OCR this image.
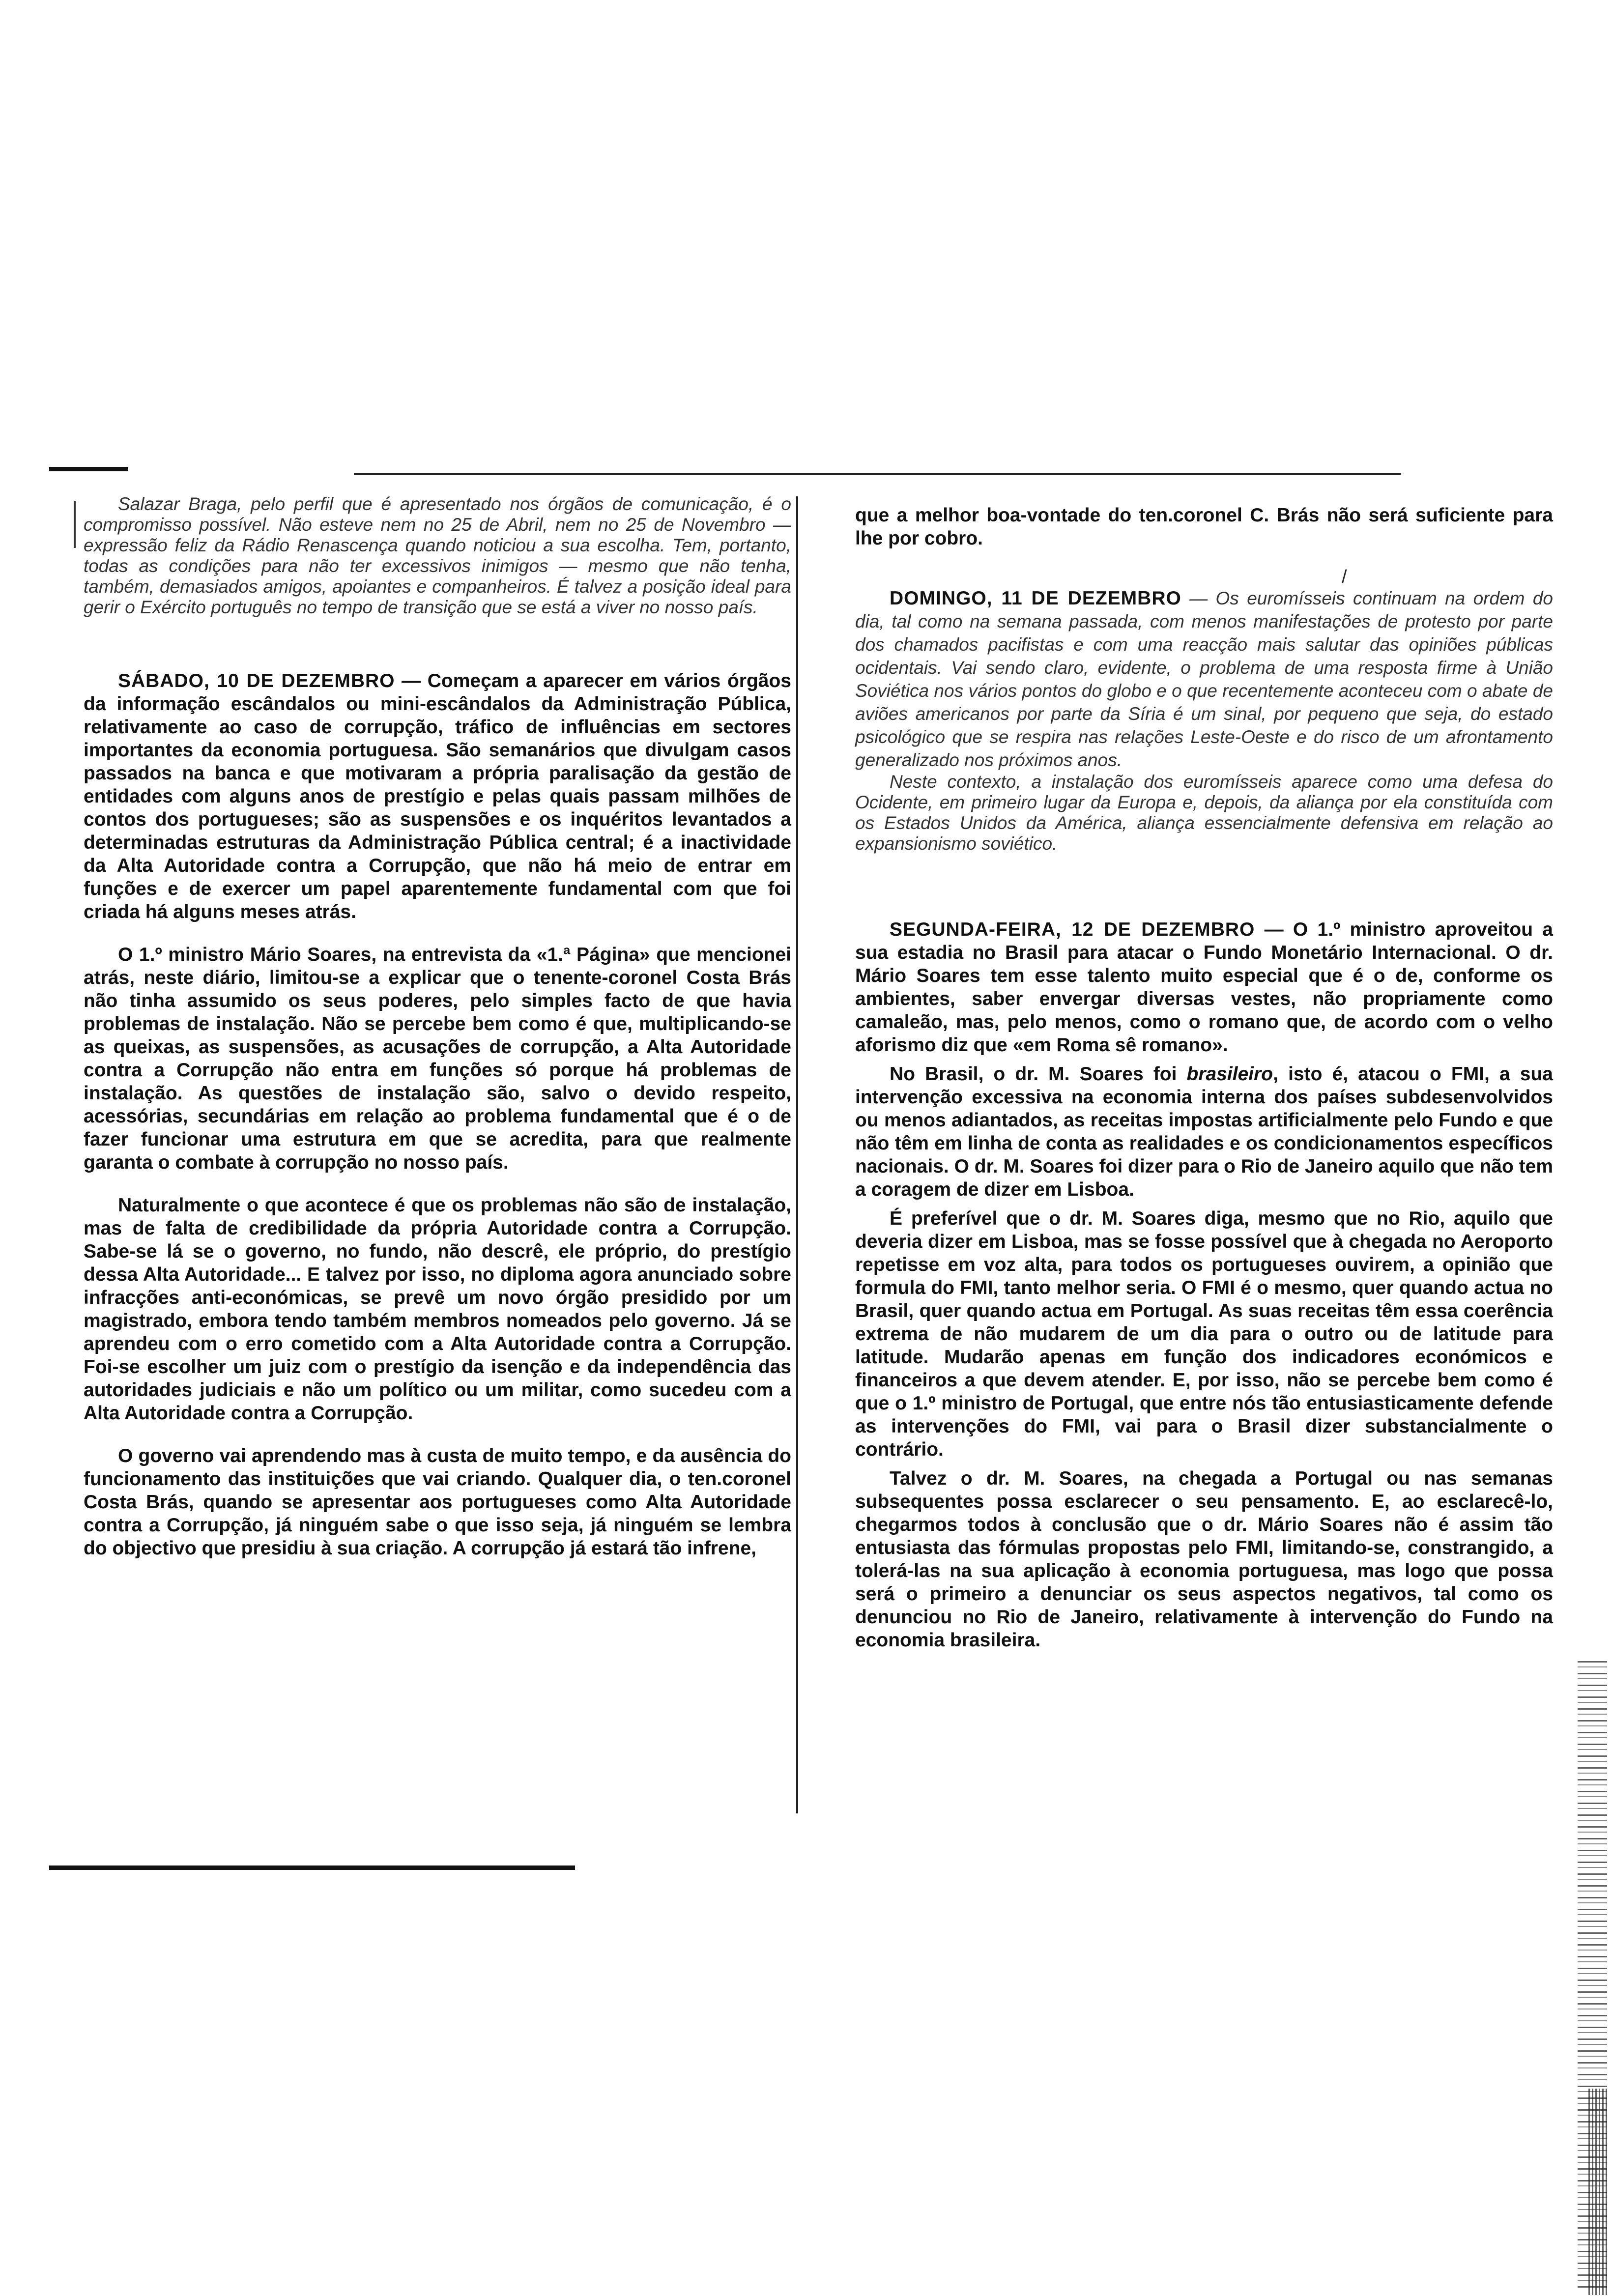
/

Salazar Braga, pelo perfil que é apresentado nos órgãos de comunicação, é o compromisso possível. Não esteve nem no 25 de Abril, nem no 25 de Novembro — expressão feliz da Rádio Renascença quando noticiou a sua escolha. Tem, portanto, todas as condições para não ter excessivos inimigos — mesmo que não tenha, também, demasiados amigos, apoiantes e companheiros. É talvez a posição ideal para gerir o Exército português no tempo de transição que se está a viver no nosso país.

SÁBADO, 10 DE DEZEMBRO — Começam a aparecer em vários órgãos da informação escândalos ou mini-escândalos da Administração Pública, relativamente ao caso de corrupção, tráfico de influências em sectores importantes da economia portuguesa. São semanários que divulgam casos passados na banca e que motivaram a própria paralisação da gestão de entidades com alguns anos de prestígio e pelas quais passam milhões de contos dos portugueses; são as suspensões e os inquéritos levantados a determinadas estruturas da Administração Pública central; é a inactividade da Alta Autoridade contra a Corrupção, que não há meio de entrar em funções e de exercer um papel aparentemente fundamental com que foi criada há alguns meses atrás.

O 1.º ministro Mário Soares, na entrevista da «1.ª Página» que mencionei atrás, neste diário, limitou-se a explicar que o tenente-coronel Costa Brás não tinha assumido os seus poderes, pelo simples facto de que havia problemas de instalação. Não se percebe bem como é que, multiplicando-se as queixas, as suspensões, as acusações de corrupção, a Alta Autoridade contra a Corrupção não entra em funções só porque há problemas de instalação. As questões de instalação são, salvo o devido respeito, acessórias, secundárias em relação ao problema fundamental que é o de fazer funcionar uma estrutura em que se acredita, para que realmente garanta o combate à corrupção no nosso país.

Naturalmente o que acontece é que os problemas não são de instalação, mas de falta de credibilidade da própria Autoridade contra a Corrupção. Sabe-se lá se o governo, no fundo, não descrê, ele próprio, do prestígio dessa Alta Autoridade... E talvez por isso, no diploma agora anunciado sobre infracções anti-económicas, se prevê um novo órgão presidido por um magistrado, embora tendo também membros nomeados pelo governo. Já se aprendeu com o erro cometido com a Alta Autoridade contra a Corrupção. Foi-se escolher um juiz com o prestígio da isenção e da independência das autoridades judiciais e não um político ou um militar, como sucedeu com a Alta Autoridade contra a Corrupção.

O governo vai aprendendo mas à custa de muito tempo, e da ausência do funcionamento das instituições que vai criando. Qualquer dia, o ten.coronel Costa Brás, quando se apresentar aos portugueses como Alta Autoridade contra a Corrupção, já ninguém sabe o que isso seja, já ninguém se lembra do objectivo que presidiu à sua criação. A corrupção já estará tão infrene,

que a melhor boa-vontade do ten.coronel C. Brás não será suficiente para lhe por cobro.

DOMINGO, 11 DE DEZEMBRO — Os euromísseis continuam na ordem do dia, tal como na semana passada, com menos manifestações de protesto por parte dos chamados pacifistas e com uma reacção mais salutar das opiniões públicas ocidentais. Vai sendo claro, evidente, o problema de uma resposta firme à União Soviética nos vários pontos do globo e o que recentemente aconteceu com o abate de aviões americanos por parte da Síria é um sinal, por pequeno que seja, do estado psicológico que se respira nas relações Leste-Oeste e do risco de um afrontamento generalizado nos próximos anos.

Neste contexto, a instalação dos euromísseis aparece como uma defesa do Ocidente, em primeiro lugar da Europa e, depois, da aliança por ela constituída com os Estados Unidos da América, aliança essencialmente defensiva em relação ao expansionismo soviético.

SEGUNDA-FEIRA, 12 DE DEZEMBRO — O 1.º ministro aproveitou a sua estadia no Brasil para atacar o Fundo Monetário Internacional. O dr. Mário Soares tem esse talento muito especial que é o de, conforme os ambientes, saber envergar diversas vestes, não propriamente como camaleão, mas, pelo menos, como o romano que, de acordo com o velho aforismo diz que «em Roma sê romano».

No Brasil, o dr. M. Soares foi brasileiro, isto é, atacou o FMI, a sua intervenção excessiva na economia interna dos países subdesenvolvidos ou menos adiantados, as receitas impostas artificialmente pelo Fundo e que não têm em linha de conta as realidades e os condicionamentos específicos nacionais. O dr. M. Soares foi dizer para o Rio de Janeiro aquilo que não tem a coragem de dizer em Lisboa.

É preferível que o dr. M. Soares diga, mesmo que no Rio, aquilo que deveria dizer em Lisboa, mas se fosse possível que à chegada no Aeroporto repetisse em voz alta, para todos os portugueses ouvirem, a opinião que formula do FMI, tanto melhor seria. O FMI é o mesmo, quer quando actua no Brasil, quer quando actua em Portugal. As suas receitas têm essa coerência extrema de não mudarem de um dia para o outro ou de latitude para latitude. Mudarão apenas em função dos indicadores económicos e financeiros a que devem atender. E, por isso, não se percebe bem como é que o 1.º ministro de Portugal, que entre nós tão entusiasticamente defende as intervenções do FMI, vai para o Brasil dizer substancialmente o contrário.

Talvez o dr. M. Soares, na chegada a Portugal ou nas semanas subsequentes possa esclarecer o seu pensamento. E, ao esclarecê-lo, chegarmos todos à conclusão que o dr. Mário Soares não é assim tão entusiasta das fórmulas propostas pelo FMI, limitando-se, constrangido, a tolerá-las na sua aplicação à economia portuguesa, mas logo que possa será o primeiro a denunciar os seus aspectos negativos, tal como os denunciou no Rio de Janeiro, relativamente à intervenção do Fundo na economia brasileira.
